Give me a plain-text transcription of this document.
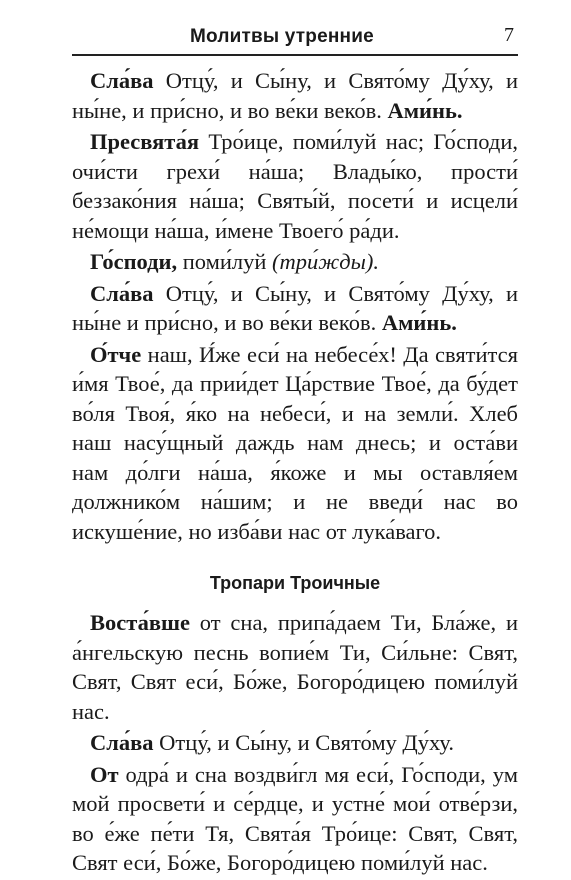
Молитвы утренние	7

Сла́ва Отцу́, и Сы́ну, и Свято́му Ду́ху, и ны́не, и при́сно, и во ве́ки веко́в. Ами́нь.

Пресвята́я Тро́ице, поми́луй нас; Го́споди, очи́сти грехи́ на́ша; Влады́ко, прости́ беззако́ния на́ша; Святы́й, посети́ и исцели́ не́мощи на́ша, и́мене Твоего́ ра́ди.

Го́споди, поми́луй (три́жды).

Сла́ва Отцу́, и Сы́ну, и Свято́му Ду́ху, и ны́не и при́сно, и во ве́ки веко́в. Ами́нь.

О́тче наш, И́же еси́ на небесе́х! Да святи́тся и́мя Твое́, да прии́дет Ца́рствие Твое́, да бу́дет во́ля Твоя́, я́ко на небеси́, и на земли́. Хлеб наш насу́щный даждь нам днесь; и оста́ви нам до́лги на́ша, я́коже и мы оставля́ем должнико́м на́шим; и не введи́ нас во искуше́ние, но изба́ви нас от лука́ваго.

Тропари Троичные

Воста́вше от сна, припа́даем Ти, Бла́же, и а́нгельскую песнь вопие́м Ти, Си́льне: Свят, Свят, Свят еси́, Бо́же, Богоро́дицею поми́луй нас.

Сла́ва Отцу́, и Сы́ну, и Свято́му Ду́ху.

От одра́ и сна воздви́гл мя еси́, Го́споди, ум мой просвети́ и се́рдце, и устне́ мои́ отве́рзи, во е́же пе́ти Тя, Свята́я Тро́ице: Свят, Свят, Свят еси́, Бо́же, Богоро́дицею поми́луй нас.
